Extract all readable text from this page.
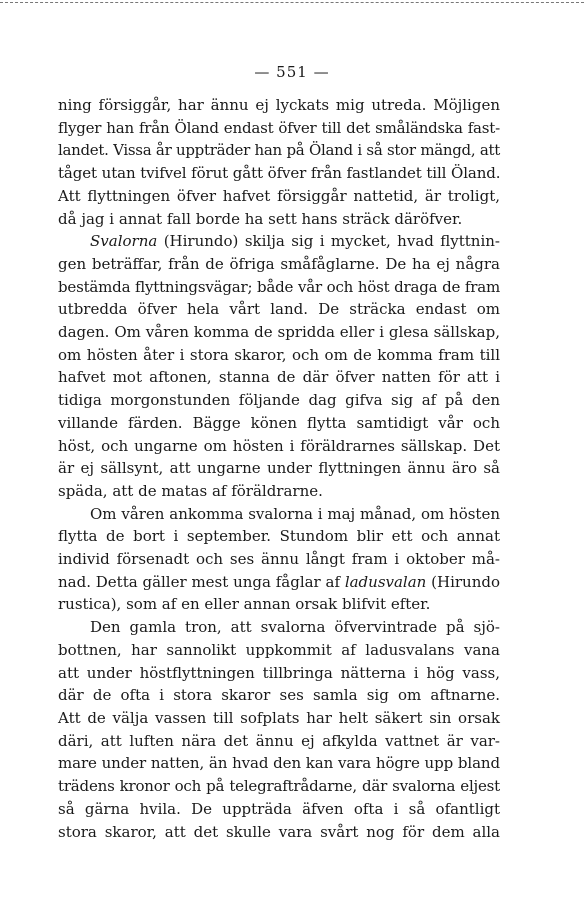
— 551 —
ning försiggår, har ännu ej lyckats mig utreda. Möjligen
flyger han från Öland endast öfver till det småländska fast-
landet. Vissa år uppträder han på Öland i så stor mängd, att
tåget utan tvifvel förut gått öfver från fastlandet till Öland.
Att flyttningen öfver hafvet försiggår nattetid, är troligt,
då jag i annat fall borde ha sett hans sträck däröfver.
Svalorna (Hirundo) skilja sig i mycket, hvad flyttnin-
gen beträffar, från de öfriga småfåglarne. De ha ej några
bestämda flyttningsvägar; både vår och höst draga de fram
utbredda öfver hela vårt land. De sträcka endast om
dagen. Om våren komma de spridda eller i glesa sällskap,
om hösten åter i stora skaror, och om de komma fram till
hafvet mot aftonen, stanna de där öfver natten för att i
tidiga morgonstunden följande dag gifva sig af på den
villande färden. Bägge könen flytta samtidigt vår och
höst, och ungarne om hösten i föräldrarnes sällskap. Det
är ej sällsynt, att ungarne under flyttningen ännu äro så
späda, att de matas af föräldrarne.
Om våren ankomma svalorna i maj månad, om hösten
flytta de bort i september. Stundom blir ett och annat
individ försenadt och ses ännu långt fram i oktober må-
nad. Detta gäller mest unga fåglar af ladusvalan (Hirundo
rustica), som af en eller annan orsak blifvit efter.
Den gamla tron, att svalorna öfvervintrade på sjö-
bottnen, har sannolikt uppkommit af ladusvalans vana
att under höstflyttningen tillbringa nätterna i hög vass,
där de ofta i stora skaror ses samla sig om aftnarne.
Att de välja vassen till sofplats har helt säkert sin orsak
däri, att luften nära det ännu ej afkylda vattnet är var-
mare under natten, än hvad den kan vara högre upp bland
trädens kronor och på telegraftrådarne, där svalorna eljest
så gärna hvila. De uppträda äfven ofta i så ofantligt
stora skaror, att det skulle vara svårt nog för dem alla
